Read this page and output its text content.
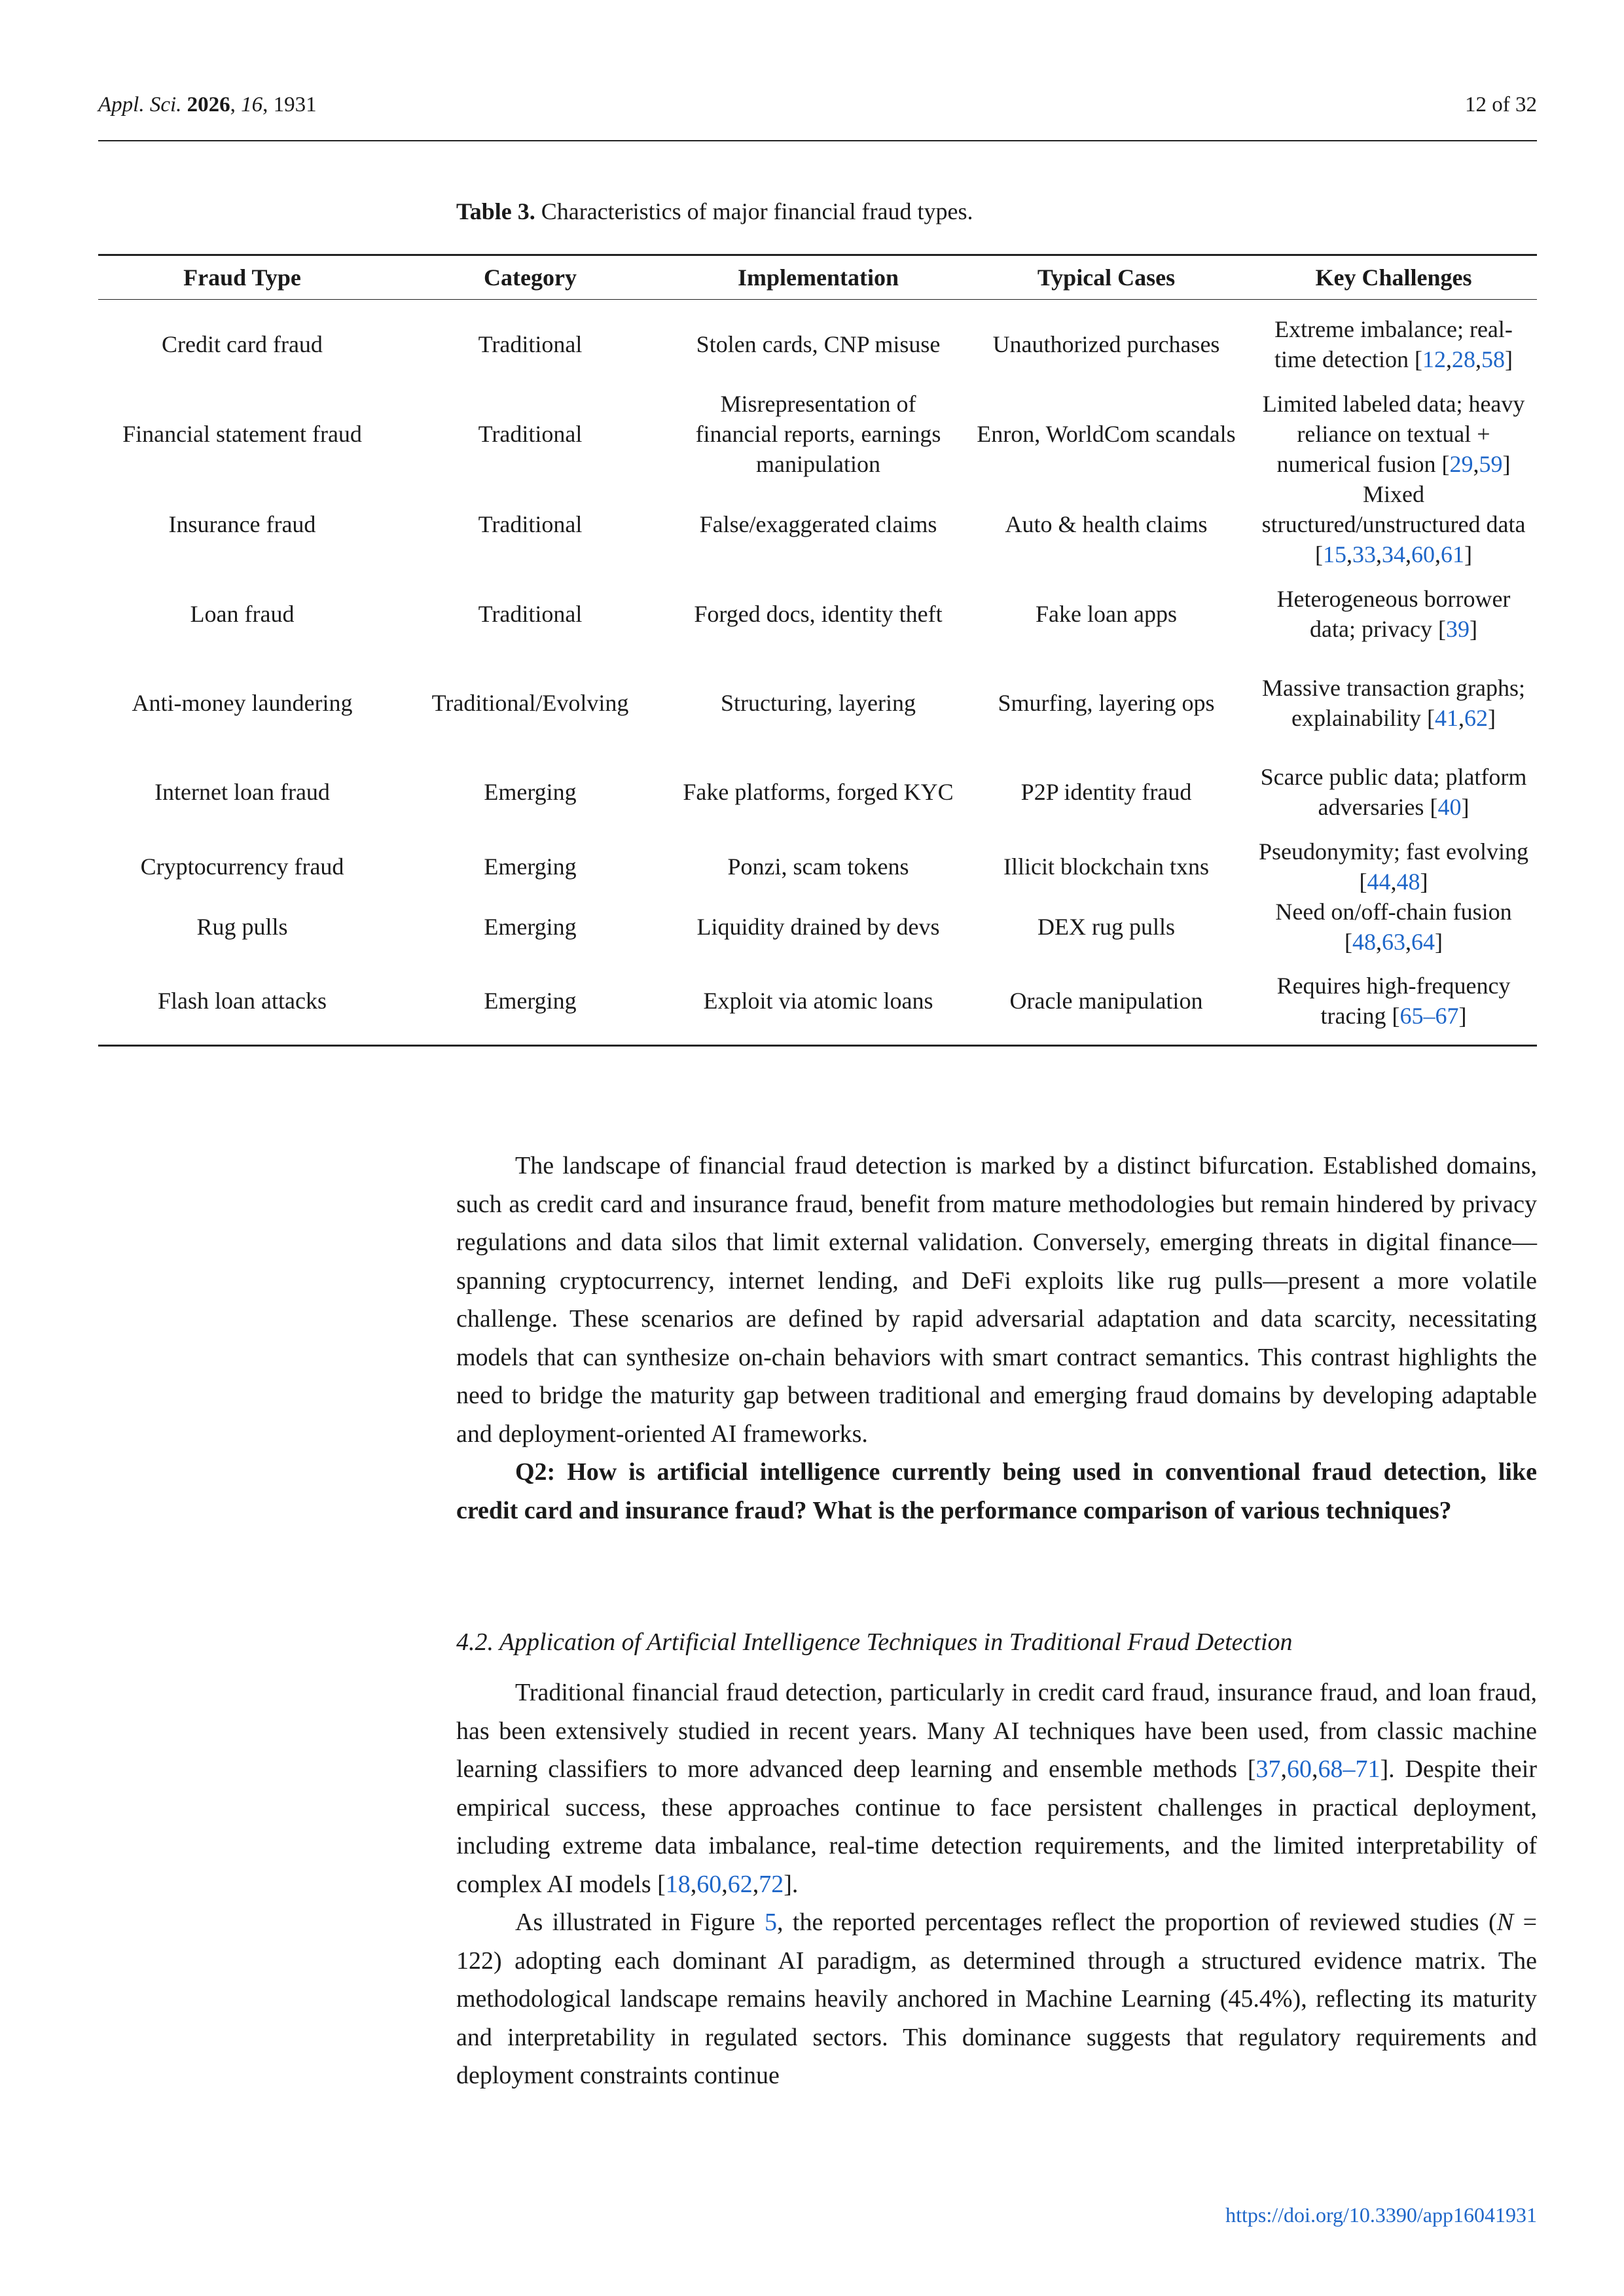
Appl. Sci. 2026, 16, 1931	12 of 32
Table 3. Characteristics of major financial fraud types.
Fraud Type	Category	Implementation	Typical Cases	Key Challenges
Credit card fraud	Traditional	Stolen cards, CNP misuse	Unauthorized purchases	Extreme imbalance; real-time detection [12,28,58]
Financial statement fraud	Traditional	Misrepresentation of financial reports, earnings manipulation	Enron, WorldCom scandals	Limited labeled data; heavy reliance on textual + numerical fusion [29,59]
Insurance fraud	Traditional	False/exaggerated claims	Auto & health claims	Mixed structured/unstructured data [15,33,34,60,61]
Loan fraud	Traditional	Forged docs, identity theft	Fake loan apps	Heterogeneous borrower data; privacy [39]
Anti-money laundering	Traditional/Evolving	Structuring, layering	Smurfing, layering ops	Massive transaction graphs; explainability [41,62]
Internet loan fraud	Emerging	Fake platforms, forged KYC	P2P identity fraud	Scarce public data; platform adversaries [40]
Cryptocurrency fraud	Emerging	Ponzi, scam tokens	Illicit blockchain txns	Pseudonymity; fast evolving [44,48]
Rug pulls	Emerging	Liquidity drained by devs	DEX rug pulls	Need on/off-chain fusion [48,63,64]
Flash loan attacks	Emerging	Exploit via atomic loans	Oracle manipulation	Requires high-frequency tracing [65–67]

The landscape of financial fraud detection is marked by a distinct bifurcation. Established domains, such as credit card and insurance fraud, benefit from mature methodologies but remain hindered by privacy regulations and data silos that limit external validation. Conversely, emerging threats in digital finance—spanning cryptocurrency, internet lending, and DeFi exploits like rug pulls—present a more volatile challenge. These scenarios are defined by rapid adversarial adaptation and data scarcity, necessitating models that can synthesize on-chain behaviors with smart contract semantics. This contrast highlights the need to bridge the maturity gap between traditional and emerging fraud domains by developing adaptable and deployment-oriented AI frameworks.

Q2: How is artificial intelligence currently being used in conventional fraud detection, like credit card and insurance fraud? What is the performance comparison of various techniques?

4.2. Application of Artificial Intelligence Techniques in Traditional Fraud Detection

Traditional financial fraud detection, particularly in credit card fraud, insurance fraud, and loan fraud, has been extensively studied in recent years. Many AI techniques have been used, from classic machine learning classifiers to more advanced deep learning and ensemble methods [37,60,68–71]. Despite their empirical success, these approaches continue to face persistent challenges in practical deployment, including extreme data imbalance, real-time detection requirements, and the limited interpretability of complex AI models [18,60,62,72].

As illustrated in Figure 5, the reported percentages reflect the proportion of reviewed studies (N = 122) adopting each dominant AI paradigm, as determined through a structured evidence matrix. The methodological landscape remains heavily anchored in Machine Learning (45.4%), reflecting its maturity and interpretability in regulated sectors. This dominance suggests that regulatory requirements and deployment constraints continue

https://doi.org/10.3390/app16041931
